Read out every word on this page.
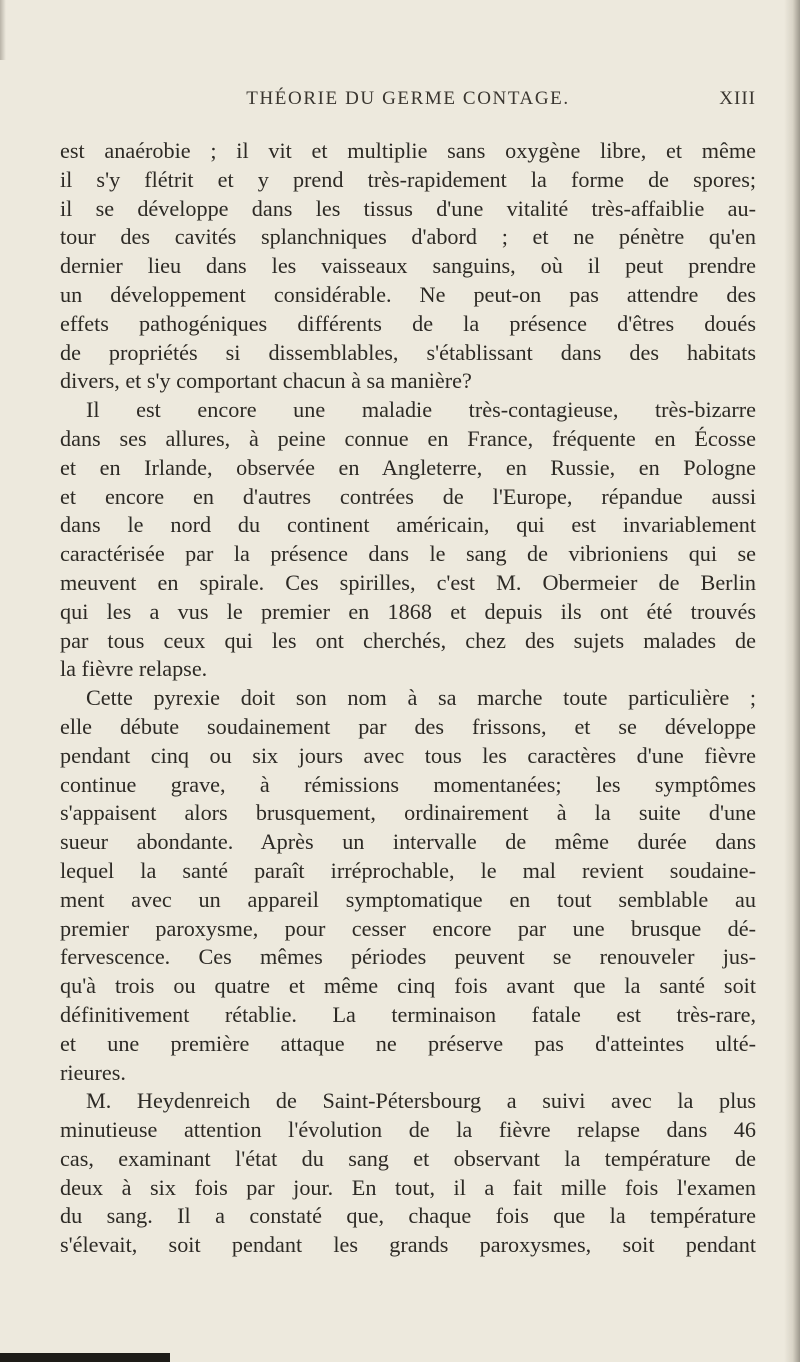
THÉORIE DU GERME CONTAGE.	XIII
est anaérobie ; il vit et multiplie sans oxygène libre, et même
il s'y flétrit et y prend très-rapidement la forme de spores;
il se développe dans les tissus d'une vitalité très-affaiblie au-
tour des cavités splanchniques d'abord ; et ne pénètre qu'en
dernier lieu dans les vaisseaux sanguins, où il peut prendre
un développement considérable. Ne peut-on pas attendre des
effets pathogéniques différents de la présence d'êtres doués
de propriétés si dissemblables, s'établissant dans des habitats
divers, et s'y comportant chacun à sa manière?
Il est encore une maladie très-contagieuse, très-bizarre
dans ses allures, à peine connue en France, fréquente en Écosse
et en Irlande, observée en Angleterre, en Russie, en Pologne
et encore en d'autres contrées de l'Europe, répandue aussi
dans le nord du continent américain, qui est invariablement
caractérisée par la présence dans le sang de vibrioniens qui se
meuvent en spirale. Ces spirilles, c'est M. Obermeier de Berlin
qui les a vus le premier en 1868 et depuis ils ont été trouvés
par tous ceux qui les ont cherchés, chez des sujets malades de
la fièvre relapse.
Cette pyrexie doit son nom à sa marche toute particulière ;
elle débute soudainement par des frissons, et se développe
pendant cinq ou six jours avec tous les caractères d'une fièvre
continue grave, à rémissions momentanées; les symptômes
s'appaisent alors brusquement, ordinairement à la suite d'une
sueur abondante. Après un intervalle de même durée dans
lequel la santé paraît irréprochable, le mal revient soudaine-
ment avec un appareil symptomatique en tout semblable au
premier paroxysme, pour cesser encore par une brusque dé-
fervescence. Ces mêmes périodes peuvent se renouveler jus-
qu'à trois ou quatre et même cinq fois avant que la santé soit
définitivement rétablie. La terminaison fatale est très-rare,
et une première attaque ne préserve pas d'atteintes ulté-
rieures.
M. Heydenreich de Saint-Pétersbourg a suivi avec la plus
minutieuse attention l'évolution de la fièvre relapse dans 46
cas, examinant l'état du sang et observant la température de
deux à six fois par jour. En tout, il a fait mille fois l'examen
du sang. Il a constaté que, chaque fois que la température
s'élevait, soit pendant les grands paroxysmes, soit pendant
